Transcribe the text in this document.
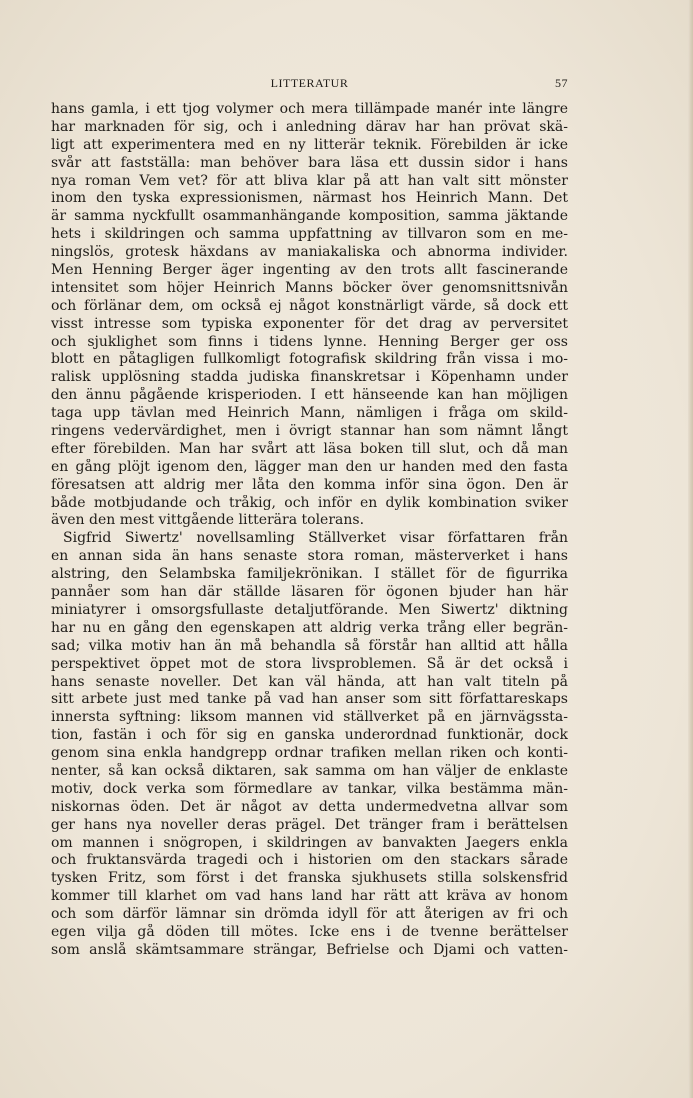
LITTERATUR	57
hans gamla, i ett tjog volymer och mera tillämpade manér inte längre
har marknaden för sig, och i anledning därav har han prövat skä-
ligt att experimentera med en ny litterär teknik. Förebilden är icke
svår att fastställa: man behöver bara läsa ett dussin sidor i hans
nya roman Vem vet? för att bliva klar på att han valt sitt mönster
inom den tyska expressionismen, närmast hos Heinrich Mann. Det
är samma nyckfullt osammanhängande komposition, samma jäktande
hets i skildringen och samma uppfattning av tillvaron som en me-
ningslös, grotesk häxdans av maniakaliska och abnorma individer.
Men Henning Berger äger ingenting av den trots allt fascinerande
intensitet som höjer Heinrich Manns böcker över genomsnittsnivån
och förlänar dem, om också ej något konstnärligt värde, så dock ett
visst intresse som typiska exponenter för det drag av perversitet
och sjuklighet som finns i tidens lynne. Henning Berger ger oss
blott en påtagligen fullkomligt fotografisk skildring från vissa i mo-
ralisk upplösning stadda judiska finanskretsar i Köpenhamn under
den ännu pågående krisperioden. I ett hänseende kan han möjligen
taga upp tävlan med Heinrich Mann, nämligen i fråga om skild-
ringens vedervärdighet, men i övrigt stannar han som nämnt långt
efter förebilden. Man har svårt att läsa boken till slut, och då man
en gång plöjt igenom den, lägger man den ur handen med den fasta
föresatsen att aldrig mer låta den komma inför sina ögon. Den är
både motbjudande och tråkig, och inför en dylik kombination sviker
även den mest vittgående litterära tolerans.
Sigfrid Siwertz' novellsamling Ställverket visar författaren från
en annan sida än hans senaste stora roman, mästerverket i hans
alstring, den Selambska familjekrönikan. I stället för de figurrika
pannåer som han där ställde läsaren för ögonen bjuder han här
miniatyrer i omsorgsfullaste detaljutförande. Men Siwertz' diktning
har nu en gång den egenskapen att aldrig verka trång eller begrän-
sad; vilka motiv han än må behandla så förstår han alltid att hålla
perspektivet öppet mot de stora livsproblemen. Så är det också i
hans senaste noveller. Det kan väl hända, att han valt titeln på
sitt arbete just med tanke på vad han anser som sitt författareskaps
innersta syftning: liksom mannen vid ställverket på en järnvägssta-
tion, fastän i och för sig en ganska underordnad funktionär, dock
genom sina enkla handgrepp ordnar trafiken mellan riken och konti-
nenter, så kan också diktaren, sak samma om han väljer de enklaste
motiv, dock verka som förmedlare av tankar, vilka bestämma män-
niskornas öden. Det är något av detta undermedvetna allvar som
ger hans nya noveller deras prägel. Det tränger fram i berättelsen
om mannen i snögropen, i skildringen av banvakten Jaegers enkla
och fruktansvärda tragedi och i historien om den stackars sårade
tysken Fritz, som först i det franska sjukhusets stilla solskensfrid
kommer till klarhet om vad hans land har rätt att kräva av honom
och som därför lämnar sin drömda idyll för att återigen av fri och
egen vilja gå döden till mötes. Icke ens i de tvenne berättelser
som anslå skämtsammare strängar, Befrielse och Djami och vatten-
